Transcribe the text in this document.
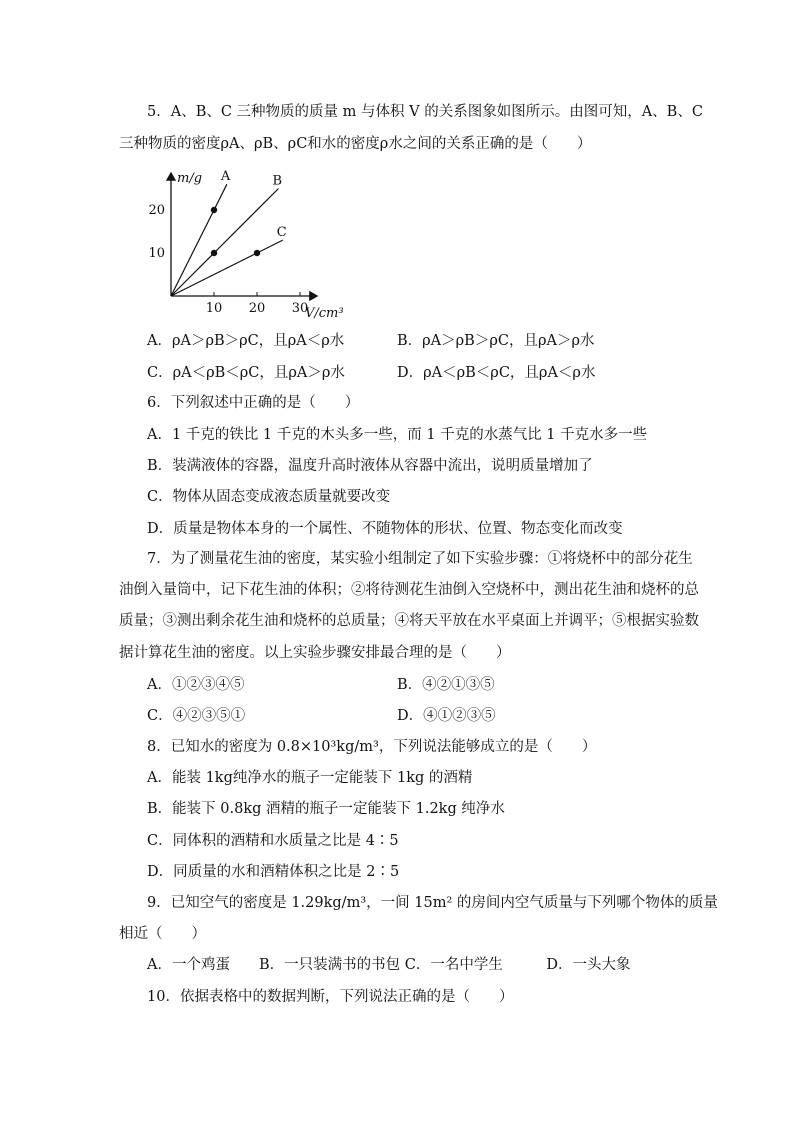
5．A、B、C 三种物质的质量 m 与体积 V 的关系图象如图所示。由图可知，A、B、C
三种物质的密度ρA、ρB、ρC和水的密度ρ水之间的关系正确的是（　　）
m/g
V/cm³
10 20 30
10
20
A	B
C
A．ρA＞ρB＞ρC，且ρA＜ρ水	B．ρA＞ρB＞ρC，且ρA＞ρ水
C．ρA＜ρB＜ρC，且ρA＞ρ水	D．ρA＜ρB＜ρC，且ρA＜ρ水
6．下列叙述中正确的是（　　）
A．1 千克的铁比 1 千克的木头多一些，而 1 千克的水蒸气比 1 千克水多一些
B．装满液体的容器，温度升高时液体从容器中流出，说明质量增加了
C．物体从固态变成液态质量就要改变
D．质量是物体本身的一个属性、不随物体的形状、位置、物态变化而改变
7．为了测量花生油的密度，某实验小组制定了如下实验步骤：①将烧杯中的部分花生
油倒入量筒中，记下花生油的体积；②将待测花生油倒入空烧杯中，测出花生油和烧杯的总
质量；③测出剩余花生油和烧杯的总质量；④将天平放在水平桌面上并调平；⑤根据实验数
据计算花生油的密度。以上实验步骤安排最合理的是（　　）
A．①②③④⑤	B．④②①③⑤
C．④②③⑤①	D．④①②③⑤
8．已知水的密度为 0.8×10³kg/m³，下列说法能够成立的是（　　）
A．能装 1kg纯净水的瓶子一定能装下 1kg 的酒精
B．能装下 0.8kg 酒精的瓶子一定能装下 1.2kg 纯净水
C．同体积的酒精和水质量之比是 4∶5
D．同质量的水和酒精体积之比是 2∶5
9．已知空气的密度是 1.29kg/m³，一间 15m² 的房间内空气质量与下列哪个物体的质量
相近（　　）
A．一个鸡蛋　　B．一只装满书的书包 C．一名中学生　　　D．一头大象
10．依据表格中的数据判断，下列说法正确的是（　　）
